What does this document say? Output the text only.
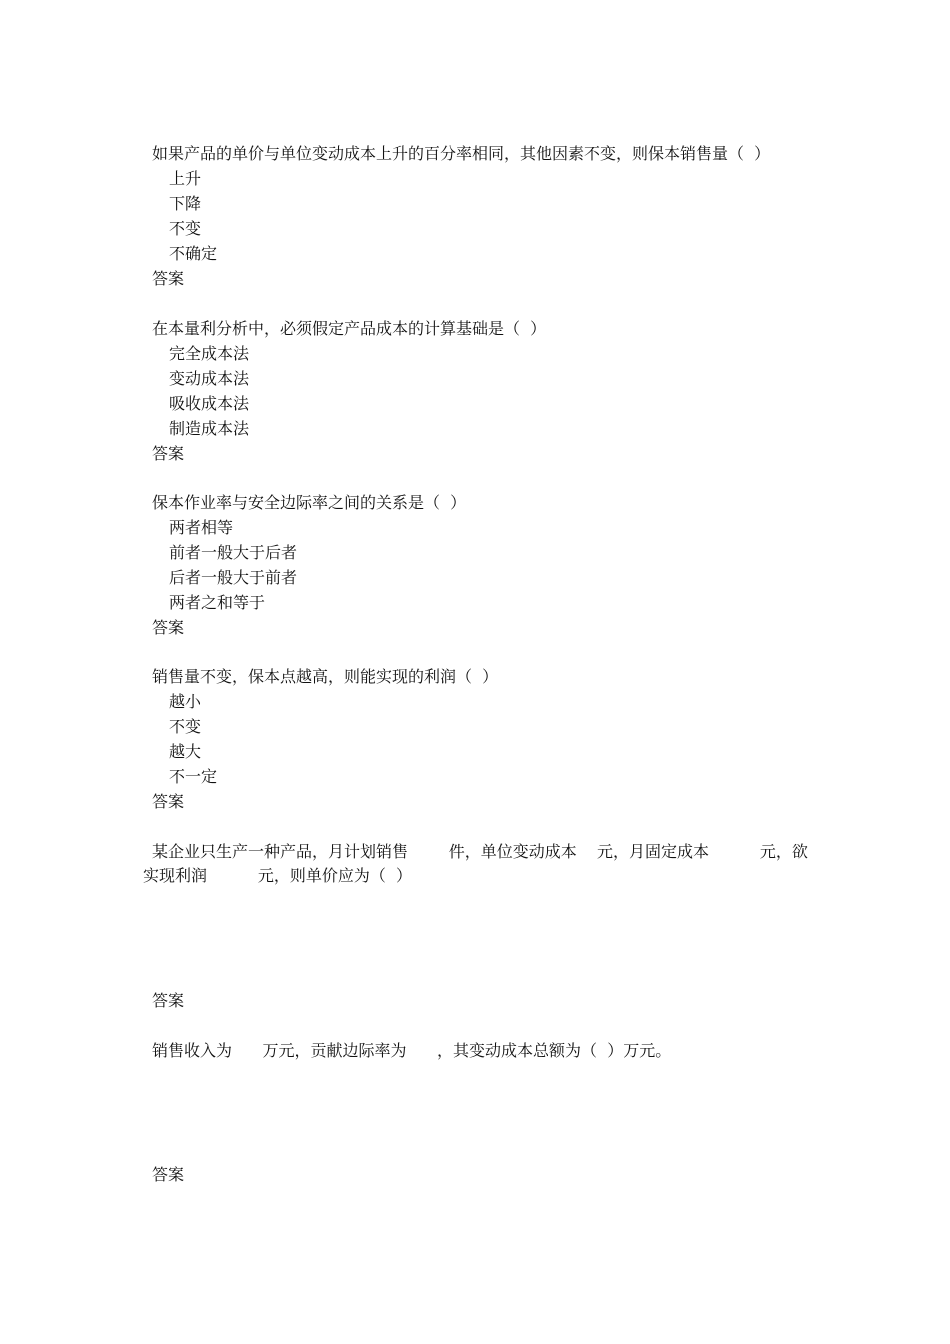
如果产品的单价与单位变动成本上升的百分率相同，其他因素不变，则保本销售量（  ）
上升
下降
不变
不确定
答案
在本量利分析中，必须假定产品成本的计算基础是（  ）
完全成本法
变动成本法
吸收成本法
制造成本法
答案
保本作业率与安全边际率之间的关系是（  ）
两者相等
前者一般大于后者
后者一般大于前者
两者之和等于
答案
销售量不变，保本点越高，则能实现的利润（  ）
越小
不变
越大
不一定
答案
某企业只生产一种产品，月计划销售        件，单位变动成本    元，月固定成本          元，欲
实现利润          元，则单价应为（  ）
答案
销售收入为      万元，贡献边际率为      ，其变动成本总额为（  ）万元。
答案
